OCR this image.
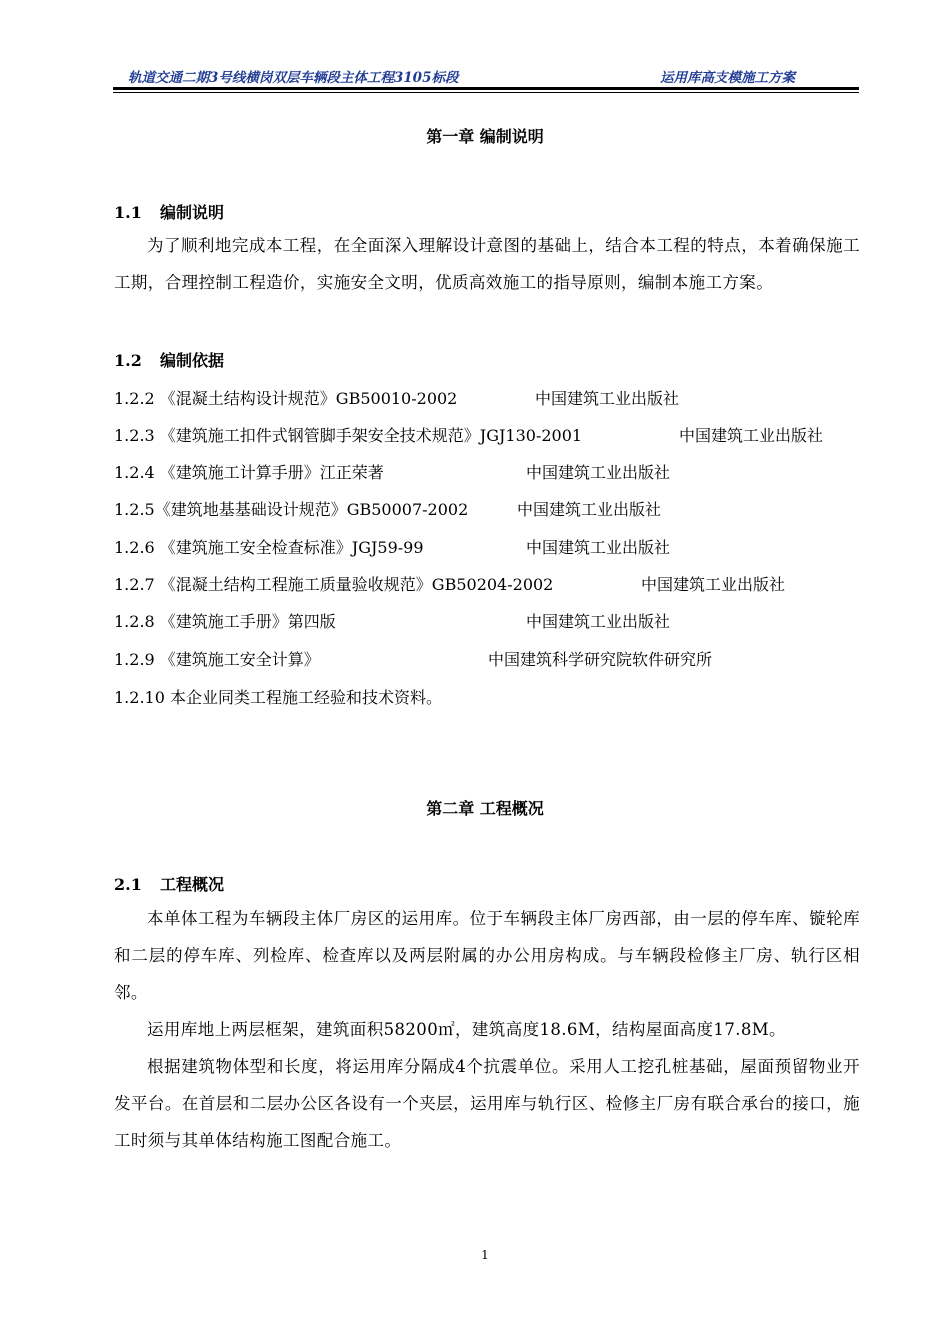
轨道交通二期3号线横岗双层车辆段主体工程3105标段	运用库高支模施工方案
第一章 编制说明
1.1 编制说明
为了顺利地完成本工程，在全面深入理解设计意图的基础上，结合本工程的特点，本着确保施工工期，合理控制工程造价，实施安全文明，优质高效施工的指导原则，编制本施工方案。
1.2 编制依据
1.2.2 《混凝土结构设计规范》GB50010-2002	中国建筑工业出版社
1.2.3 《建筑施工扣件式钢管脚手架安全技术规范》JGJ130-2001	中国建筑工业出版社
1.2.4 《建筑施工计算手册》江正荣著	中国建筑工业出版社
1.2.5《建筑地基基础设计规范》GB50007-2002	中国建筑工业出版社
1.2.6 《建筑施工安全检查标准》JGJ59-99	中国建筑工业出版社
1.2.7 《混凝土结构工程施工质量验收规范》GB50204-2002	中国建筑工业出版社
1.2.8 《建筑施工手册》第四版	中国建筑工业出版社
1.2.9 《建筑施工安全计算》	中国建筑科学研究院软件研究所
1.2.10 本企业同类工程施工经验和技术资料。
第二章 工程概况
2.1 工程概况
本单体工程为车辆段主体厂房区的运用库。位于车辆段主体厂房西部，由一层的停车库、镟轮库和二层的停车库、列检库、检查库以及两层附属的办公用房构成。与车辆段检修主厂房、轨行区相邻。
运用库地上两层框架，建筑面积58200㎡，建筑高度18.6M，结构屋面高度17.8M。
根据建筑物体型和长度，将运用库分隔成4个抗震单位。采用人工挖孔桩基础，屋面预留物业开发平台。在首层和二层办公区各设有一个夹层，运用库与轨行区、检修主厂房有联合承台的接口，施工时须与其单体结构施工图配合施工。
1
